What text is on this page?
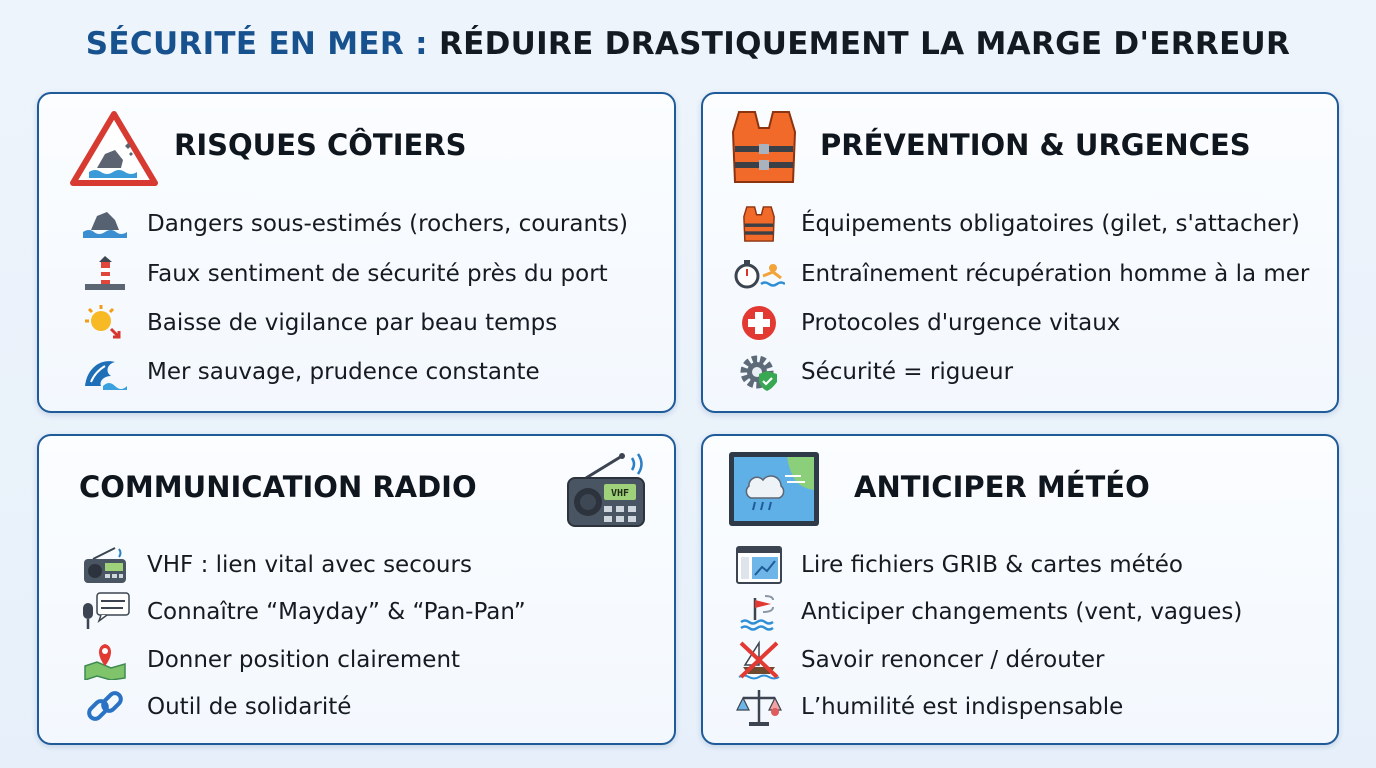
SÉCURITÉ EN MER : RÉDUIRE DRASTIQUEMENT LA MARGE D'ERREUR
RISQUES CÔTIERS
Dangers sous-estimés (rochers, courants)
Faux sentiment de sécurité près du port
Baisse de vigilance par beau temps
Mer sauvage, prudence constante
PRÉVENTION & URGENCES
Équipements obligatoires (gilet, s'attacher)
Entraînement récupération homme à la mer
Protocoles d'urgence vitaux
Sécurité = rigueur
COMMUNICATION RADIO	VHF
VHF : lien vital avec secours
Connaître “Mayday” & “Pan-Pan”
Donner position clairement
Outil de solidarité
ANTICIPER MÉTÉO
Lire fichiers GRIB & cartes météo
Anticiper changements (vent, vagues)
Savoir renoncer / dérouter
L’humilité est indispensable
